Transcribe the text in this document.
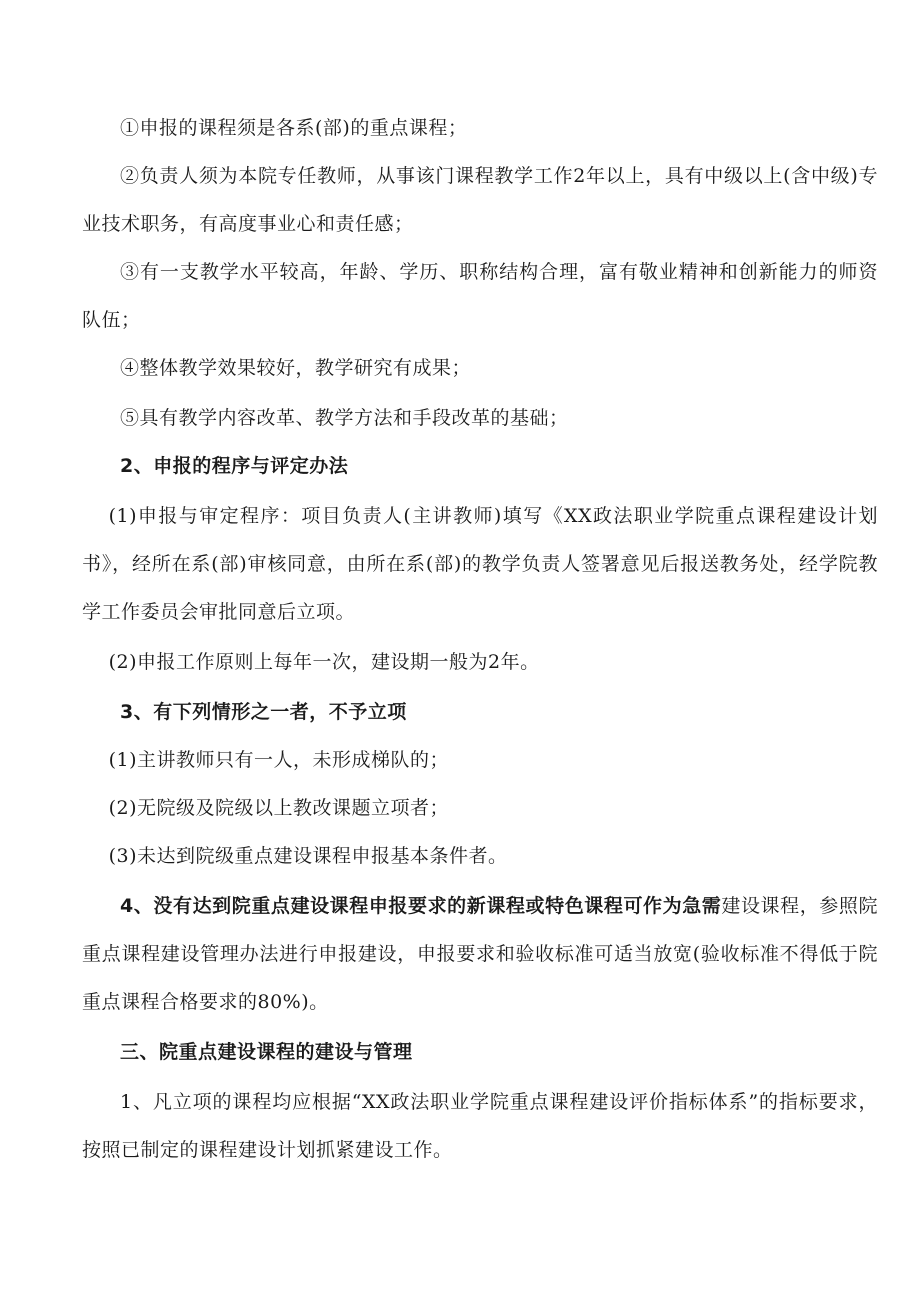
①申报的课程须是各系(部)的重点课程；

②负责人须为本院专任教师，从事该门课程教学工作2年以上，具有中级以上(含中级)专业技术职务，有高度事业心和责任感；

③有一支教学水平较高，年龄、学历、职称结构合理，富有敬业精神和创新能力的师资队伍；

④整体教学效果较好，教学研究有成果；

⑤具有教学内容改革、教学方法和手段改革的基础；

2、申报的程序与评定办法

(1)申报与审定程序：项目负责人(主讲教师)填写《XX政法职业学院重点课程建设计划书》，经所在系(部)审核同意，由所在系(部)的教学负责人签署意见后报送教务处，经学院教学工作委员会审批同意后立项。

(2)申报工作原则上每年一次，建设期一般为2年。

3、有下列情形之一者，不予立项

(1)主讲教师只有一人，未形成梯队的；

(2)无院级及院级以上教改课题立项者；

(3)未达到院级重点建设课程申报基本条件者。

4、没有达到院重点建设课程申报要求的新课程或特色课程可作为急需建设课程，参照院重点课程建设管理办法进行申报建设，申报要求和验收标准可适当放宽(验收标准不得低于院重点课程合格要求的80%)。

三、院重点建设课程的建设与管理

1、凡立项的课程均应根据“XX政法职业学院重点课程建设评价指标体系”的指标要求，按照已制定的课程建设计划抓紧建设工作。
